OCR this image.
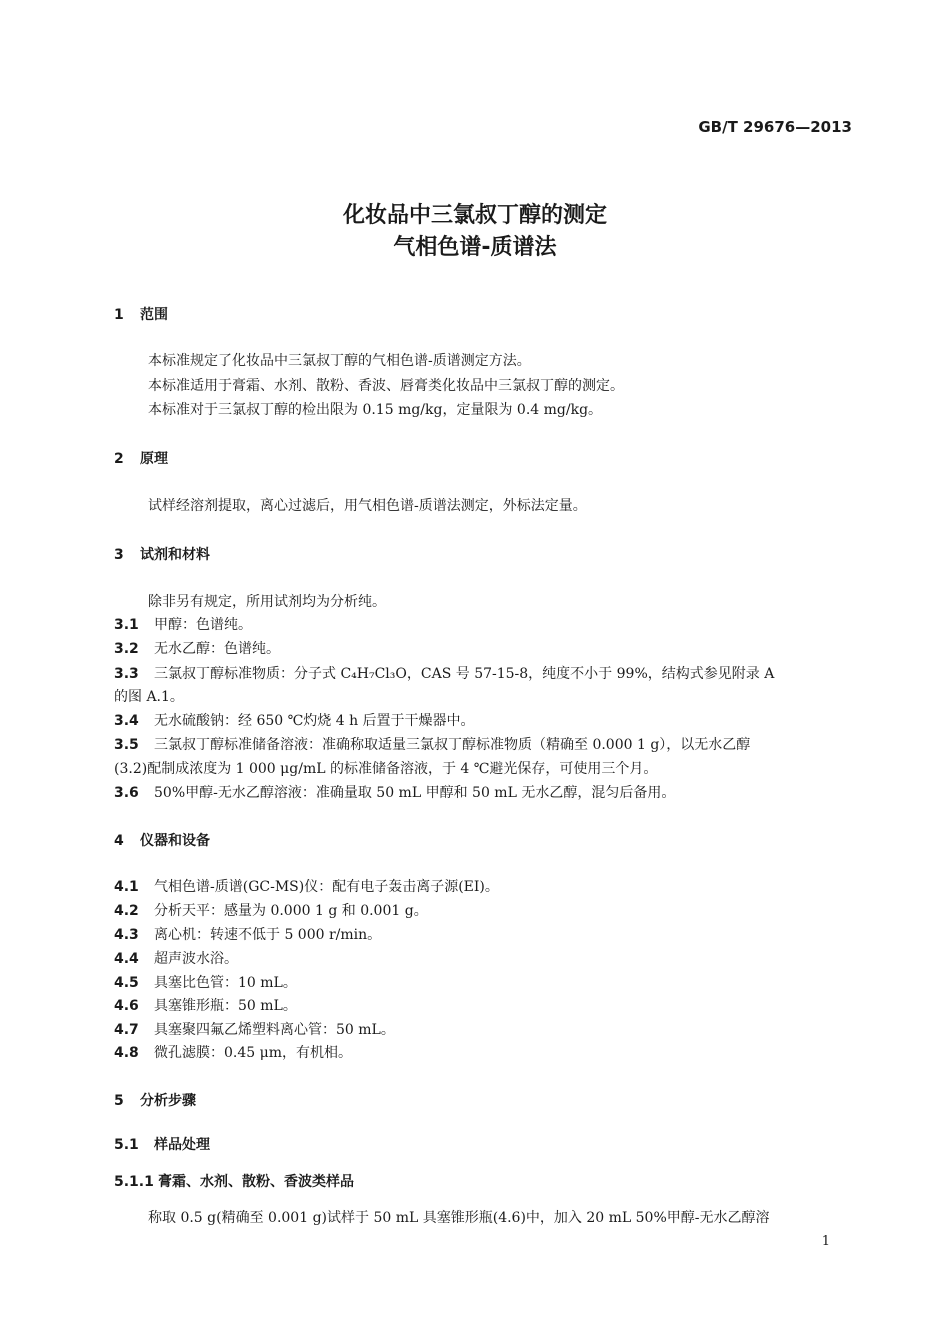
GB/T 29676—2013
化妆品中三氯叔丁醇的测定
气相色谱-质谱法
1 范围
本标准规定了化妆品中三氯叔丁醇的气相色谱-质谱测定方法。
本标准适用于膏霜、水剂、散粉、香波、唇膏类化妆品中三氯叔丁醇的测定。
本标准对于三氯叔丁醇的检出限为 0.15 mg/kg，定量限为 0.4 mg/kg。
2 原理
试样经溶剂提取，离心过滤后，用气相色谱-质谱法测定，外标法定量。
3 试剂和材料
除非另有规定，所用试剂均为分析纯。
3.1 甲醇：色谱纯。
3.2 无水乙醇：色谱纯。
3.3 三氯叔丁醇标准物质：分子式 C₄H₇Cl₃O，CAS 号 57-15-8，纯度不小于 99%，结构式参见附录 A
的图 A.1。
3.4 无水硫酸钠：经 650 ℃灼烧 4 h 后置于干燥器中。
3.5 三氯叔丁醇标准储备溶液：准确称取适量三氯叔丁醇标准物质（精确至 0.000 1 g），以无水乙醇
(3.2)配制成浓度为 1 000 μg/mL 的标准储备溶液，于 4 ℃避光保存，可使用三个月。
3.6 50%甲醇-无水乙醇溶液：准确量取 50 mL 甲醇和 50 mL 无水乙醇，混匀后备用。
4 仪器和设备
4.1 气相色谱-质谱(GC-MS)仪：配有电子轰击离子源(EI)。
4.2 分析天平：感量为 0.000 1 g 和 0.001 g。
4.3 离心机：转速不低于 5 000 r/min。
4.4 超声波水浴。
4.5 具塞比色管：10 mL。
4.6 具塞锥形瓶：50 mL。
4.7 具塞聚四氟乙烯塑料离心管：50 mL。
4.8 微孔滤膜：0.45 μm，有机相。
5 分析步骤
5.1 样品处理
5.1.1 膏霜、水剂、散粉、香波类样品
称取 0.5 g(精确至 0.001 g)试样于 50 mL 具塞锥形瓶(4.6)中，加入 20 mL 50%甲醇-无水乙醇溶
1
